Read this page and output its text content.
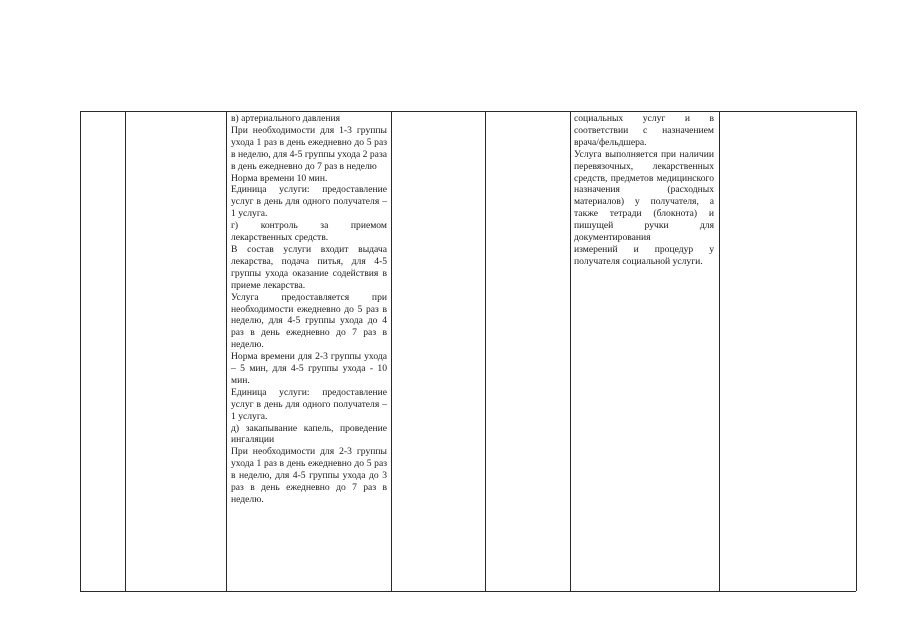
в) артериального давления

При необходимости для 1-3 группы ухода 1 раз в день ежедневно до 5 раз в неделю, для 4-5 группы ухода 2 раза в день ежедневно до 7 раз в неделю

Норма времени 10 мин.

Единица услуги: предоставление услуг в день для одного получателя – 1 услуга.

г) контроль за приемом лекарственных средств.

В состав услуги входит выдача лекарства, подача питья, для 4-5 группы ухода оказание содействия в приеме лекарства.

Услуга предоставляется при необходимости ежедневно до 5 раз в неделю, для 4-5 группы ухода до 4 раз в день ежедневно до 7 раз в неделю.

Норма времени для 2-3 группы ухода – 5 мин, для 4-5 группы ухода - 10 мин.

Единица услуги: предоставление услуг в день для одного получателя – 1 услуга.

д) закапывание капель, проведение ингаляции

При необходимости для 2-3 группы ухода 1 раз в день ежедневно до 5 раз в неделю, для 4-5 группы ухода до 3 раз в день ежедневно до 7 раз в неделю.

социальных услуг и в соответствии с назначением врача/фельдшера.

Услуга выполняется при наличии перевязочных, лекарственных средств, предметов медицинского назначения (расходных материалов) у получателя, а также тетради (блокнота) и пишущей ручки для документирования

измерений и процедур у получателя социальной услуги.
